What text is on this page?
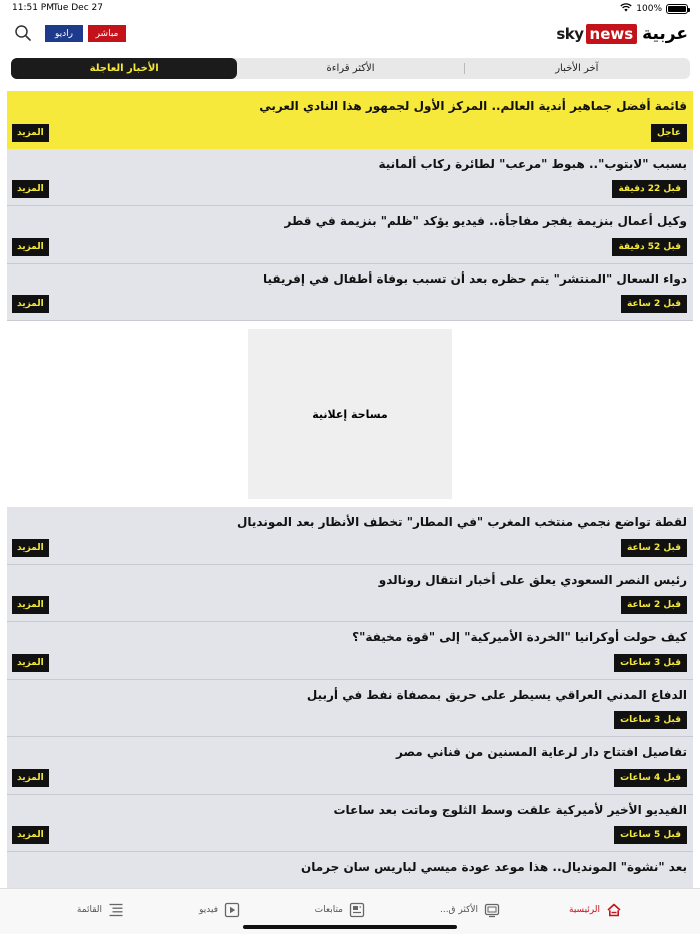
11:51 PM Tue Dec 27	100%
راديو	مباشر	sky news عربية
آخر الأخبار
الأكثر قراءة
الأخبار العاجلة
قائمة أفضل جماهير أندية العالم.. المركز الأول لجمهور هذا النادي العربي
عاجل
المزيد
بسبب "لابتوب".. هبوط "مرعب" لطائرة ركاب ألمانية
قبل 22 دقيقة
المزيد
وكيل أعمال بنزيمة يفجر مفاجأة.. فيديو يؤكد "ظلم" بنزيمة في قطر
قبل 52 دقيقة
المزيد
دواء السعال "المنتشر" يتم حظره بعد أن تسبب بوفاة أطفال في إفريقيا
قبل 2 ساعة
المزيد
مساحة إعلانية
لقطة تواضع نجمي منتخب المغرب "في المطار" تخطف الأنظار بعد المونديال
قبل 2 ساعة
المزيد
رئيس النصر السعودي يعلق على أخبار انتقال رونالدو
قبل 2 ساعة
المزيد
كيف حولت أوكرانيا "الخردة الأميركية" إلى "قوة مخيفة"؟
قبل 3 ساعات
المزيد
الدفاع المدني العراقي يسيطر على حريق بمصفاة نفط في أربيل
قبل 3 ساعات
تفاصيل افتتاح دار لرعاية المسنين من فناني مصر
قبل 4 ساعات
المزيد
الفيديو الأخير لأميركية علقت وسط الثلوج وماتت بعد ساعات
قبل 5 ساعات
المزيد
بعد "نشوة" المونديال.. هذا موعد عودة ميسي لباريس سان جرمان
الرئيسية
الأكثر ق...
متابعات
فيديو
القائمة
